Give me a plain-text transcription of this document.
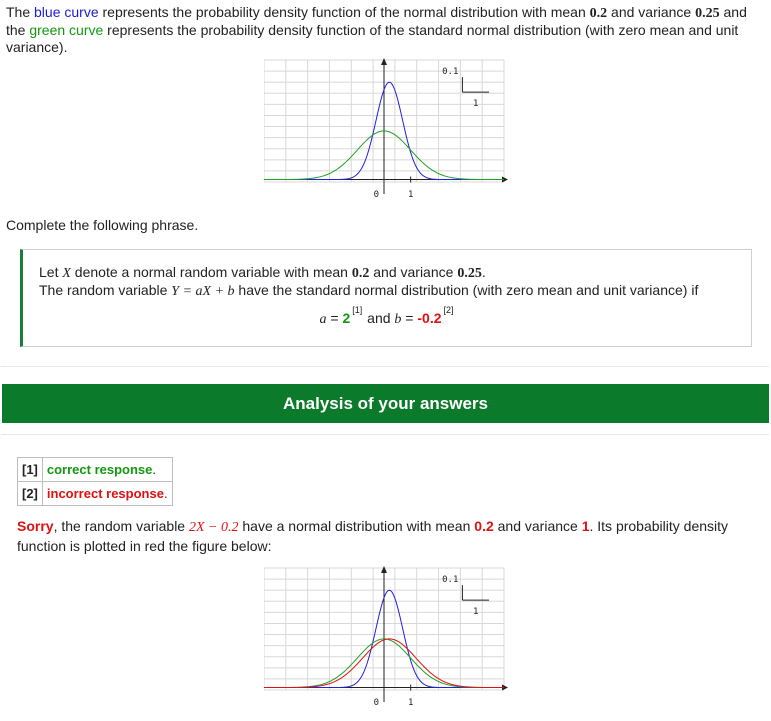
The blue curve represents the probability density function of the normal distribution with mean 0.2 and variance 0.25 and the green curve represents the probability density function of the standard normal distribution (with zero mean and unit variance).
0	1
0.1
1
Complete the following phrase.
Let X denote a normal random variable with mean 0.2 and variance 0.25.
The random variable Y = aX + b have the standard normal distribution (with zero mean and unit variance) if
a = 2 [1] and b = -0.2 [2]
Analysis of your answers
[1]	correct response.
[2]	incorrect response.
Sorry, the random variable 2X − 0.2 have a normal distribution with mean 0.2 and variance 1. Its probability density function is plotted in red the figure below:
0	1
0.1
1
